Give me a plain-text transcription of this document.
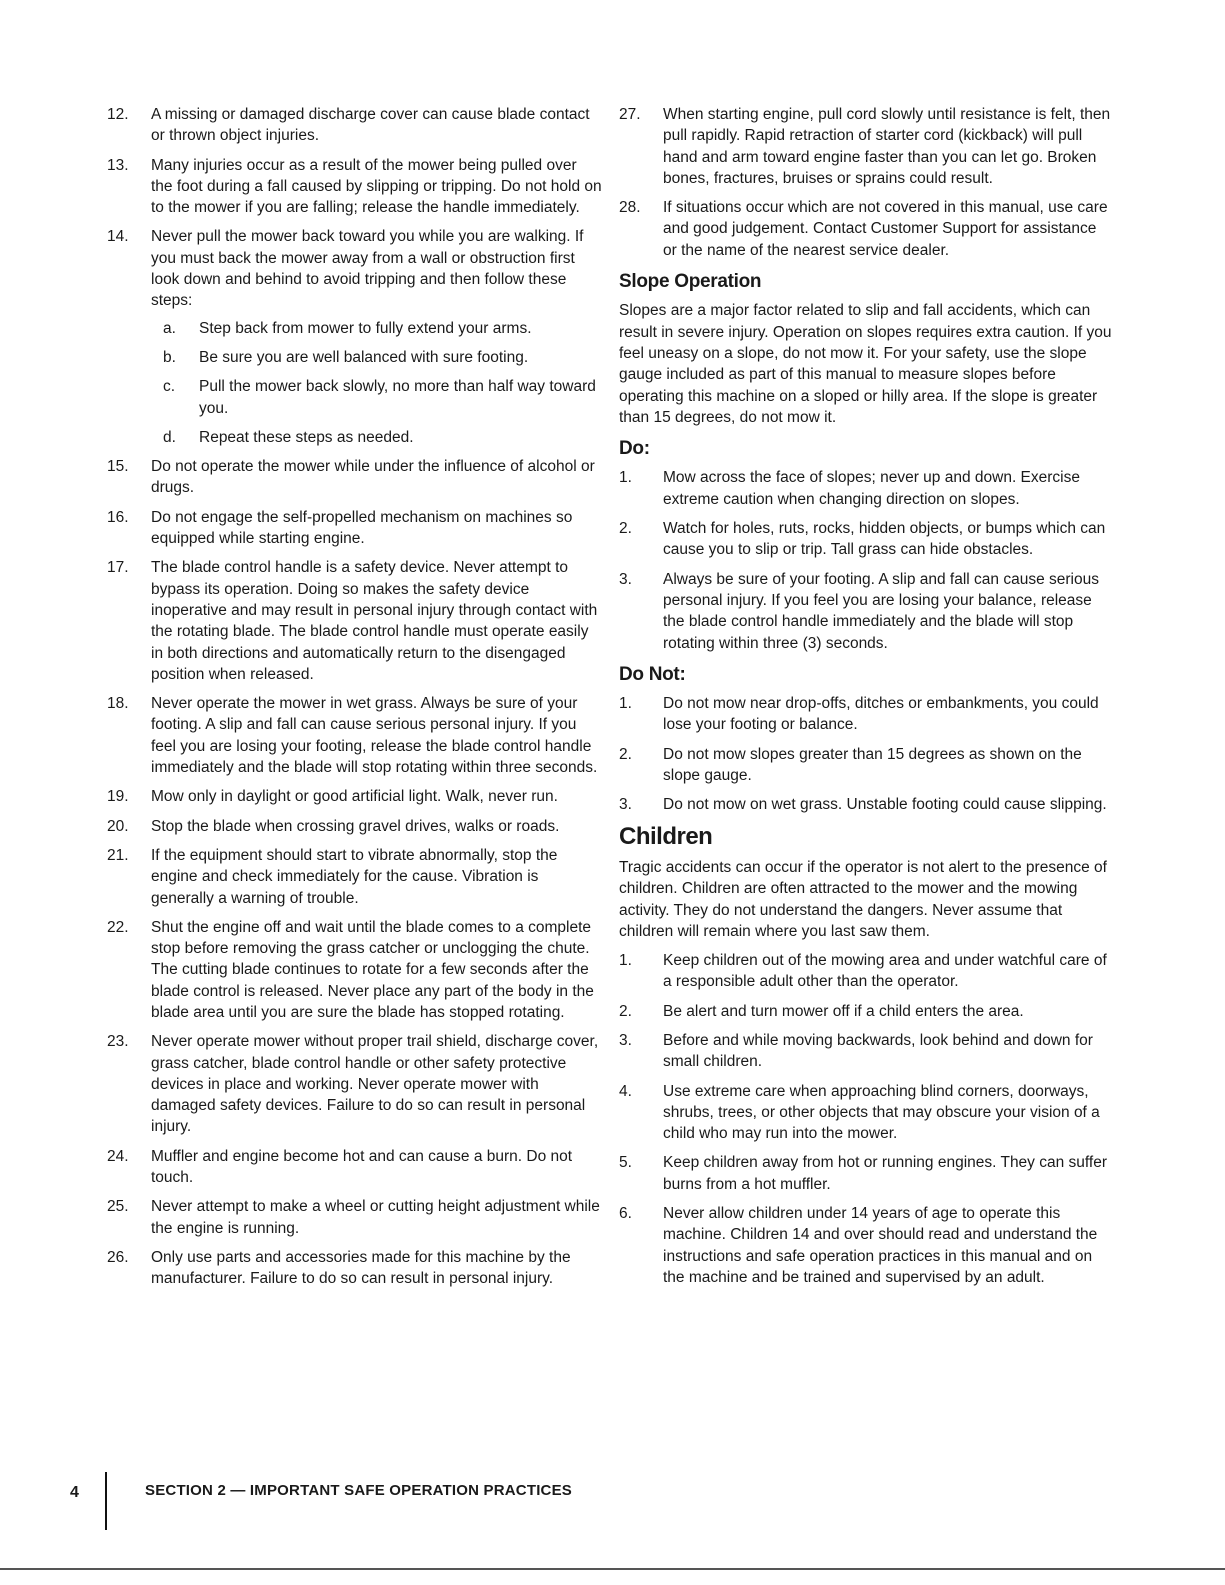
12.	A missing or damaged discharge cover can cause blade contact or thrown object injuries.
13.	Many injuries occur as a result of the mower being pulled over the foot during a fall caused by slipping or tripping. Do not hold on to the mower if you are falling; release the handle immediately.
14.	Never pull the mower back toward you while you are walking. If you must back the mower away from a wall or obstruction first look down and behind to avoid tripping and then follow these steps:
a.	Step back from mower to fully extend your arms.
b.	Be sure you are well balanced with sure footing.
c.	Pull the mower back slowly, no more than half way toward you.
d.	Repeat these steps as needed.
15.	Do not operate the mower while under the influence of alcohol or drugs.
16.	Do not engage the self-propelled mechanism on machines so equipped while starting engine.
17.	The blade control handle is a safety device. Never attempt to bypass its operation. Doing so makes the safety device inoperative and may result in personal injury through contact with the rotating blade. The blade control handle must operate easily in both directions and automatically return to the disengaged position when released.
18.	Never operate the mower in wet grass. Always be sure of your footing. A slip and fall can cause serious personal injury. If you feel you are losing your footing, release the blade control handle immediately and the blade will stop rotating within three seconds.
19.	Mow only in daylight or good artificial light. Walk, never run.
20.	Stop the blade when crossing gravel drives, walks or roads.
21.	If the equipment should start to vibrate abnormally, stop the engine and check immediately for the cause. Vibration is generally a warning of trouble.
22.	Shut the engine off and wait until the blade comes to a complete stop before removing the grass catcher or unclogging the chute. The cutting blade continues to rotate for a few seconds after the blade control is released. Never place any part of the body in the blade area until you are sure the blade has stopped rotating.
23.	Never operate mower without proper trail shield, discharge cover, grass catcher, blade control handle or other safety protective devices in place and working. Never operate mower with damaged safety devices. Failure to do so can result in personal injury.
24.	Muffler and engine become hot and can cause a burn. Do not touch.
25.	Never attempt to make a wheel or cutting height adjustment while the engine is running.
26.	Only use parts and accessories made for this machine by the manufacturer. Failure to do so can result in personal injury.
27.	When starting engine, pull cord slowly until resistance is felt, then pull rapidly. Rapid retraction of starter cord (kickback) will pull hand and arm toward engine faster than you can let go. Broken bones, fractures, bruises or sprains could result.
28.	If situations occur which are not covered in this manual, use care and good judgement. Contact Customer Support for assistance or the name of the nearest service dealer.
Slope Operation
Slopes are a major factor related to slip and fall accidents, which can result in severe injury. Operation on slopes requires extra caution. If you feel uneasy on a slope, do not mow it. For your safety, use the slope gauge included as part of this manual to measure slopes before operating this machine on a sloped or hilly area. If the slope is greater than 15 degrees, do not mow it.
Do:
1.	Mow across the face of slopes; never up and down. Exercise extreme caution when changing direction on slopes.
2.	Watch for holes, ruts, rocks, hidden objects, or bumps which can cause you to slip or trip. Tall grass can hide obstacles.
3.	Always be sure of your footing. A slip and fall can cause serious personal injury. If you feel you are losing your balance, release the blade control handle immediately and the blade will stop rotating within three (3) seconds.
Do Not:
1.	Do not mow near drop-offs, ditches or embankments, you could lose your footing or balance.
2.	Do not mow slopes greater than 15 degrees as shown on the slope gauge.
3.	Do not mow on wet grass. Unstable footing could cause slipping.
Children
Tragic accidents can occur if the operator is not alert to the presence of children. Children are often attracted to the mower and the mowing activity. They do not understand the dangers. Never assume that children will remain where you last saw them.
1.	Keep children out of the mowing area and under watchful care of a responsible adult other than the operator.
2.	Be alert and turn mower off if a child enters the area.
3.	Before and while moving backwards, look behind and down for small children.
4.	Use extreme care when approaching blind corners, doorways, shrubs, trees, or other objects that may obscure your vision of a child who may run into the mower.
5.	Keep children away from hot or running engines. They can suffer burns from a hot muffler.
6.	Never allow children under 14 years of age to operate this machine. Children 14 and over should read and understand the instructions and safe operation practices in this manual and on the machine and be trained and supervised by an adult.
4	SECTION 2 — IMPORTANT SAFE OPERATION PRACTICES
